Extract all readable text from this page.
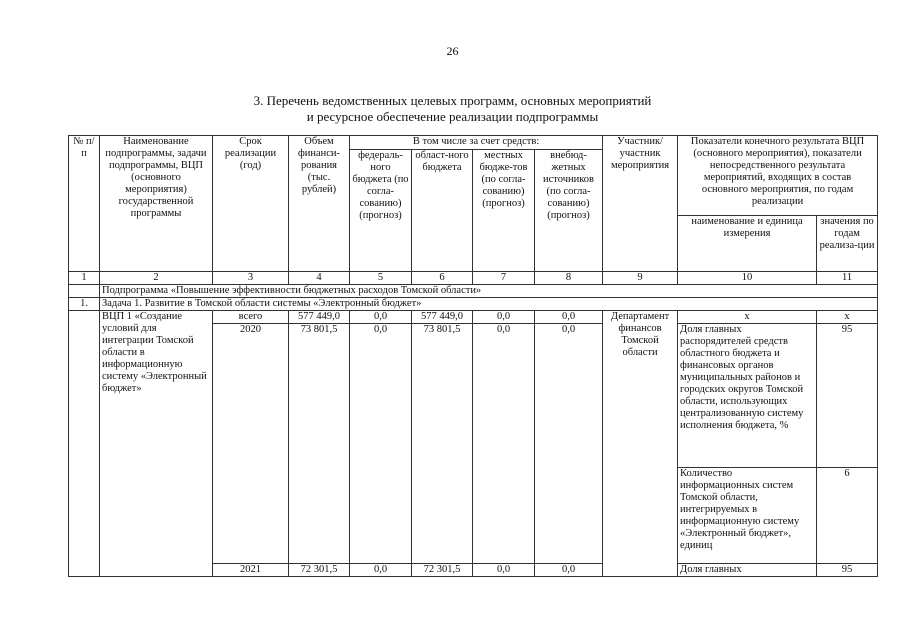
26
3. Перечень ведомственных целевых программ, основных мероприятий
и ресурсное обеспечение реализации подпрограммы
№ п/п	Наименование подпрограммы, задачи подпрограммы, ВЦП (основного мероприятия) государственной программы	Срок реализации (год)	Объем финанси-рования (тыс. рублей)	В том числе за счет средств:				Участник/ участник мероприятия	Показатели конечного результата ВЦП (основного мероприятия), показатели непосредственного результата мероприятий, входящих в состав основного мероприятия, по годам реализации	
				федераль-ного бюджета (по согла-сованию) (прогноз)	област-ного бюджета	местных бюдже-тов (по согла-сованию) (прогноз)	внебюд-жетных источников (по согла-сованию) (прогноз)			
									наименование и единица измерения	значения по годам реализа-ции
1	2	3	4	5	6	7	8	9	10	11
	Подпрограмма «Повышение эффективности бюджетных расходов Томской области»									
1.	Задача 1. Развитие в Томской области системы «Электронный бюджет»									
	ВЦП 1 «Создание условий для интеграции Томской области в информационную систему «Электронный бюджет»	всего	577 449,0	0,0	577 449,0	0,0	0,0	Департамент финансов Томской области	х	х
		2020	73 801,5	0,0	73 801,5	0,0	0,0		Доля главных распорядителей средств областного бюджета и финансовых органов муниципальных районов и городских округов Томской области, использующих централизованную систему исполнения бюджета, %	95
									Количество информационных систем Томской области, интегрируемых в информационную систему «Электронный бюджет», единиц	6
		2021	72 301,5	0,0	72 301,5	0,0	0,0		Доля главных	95
